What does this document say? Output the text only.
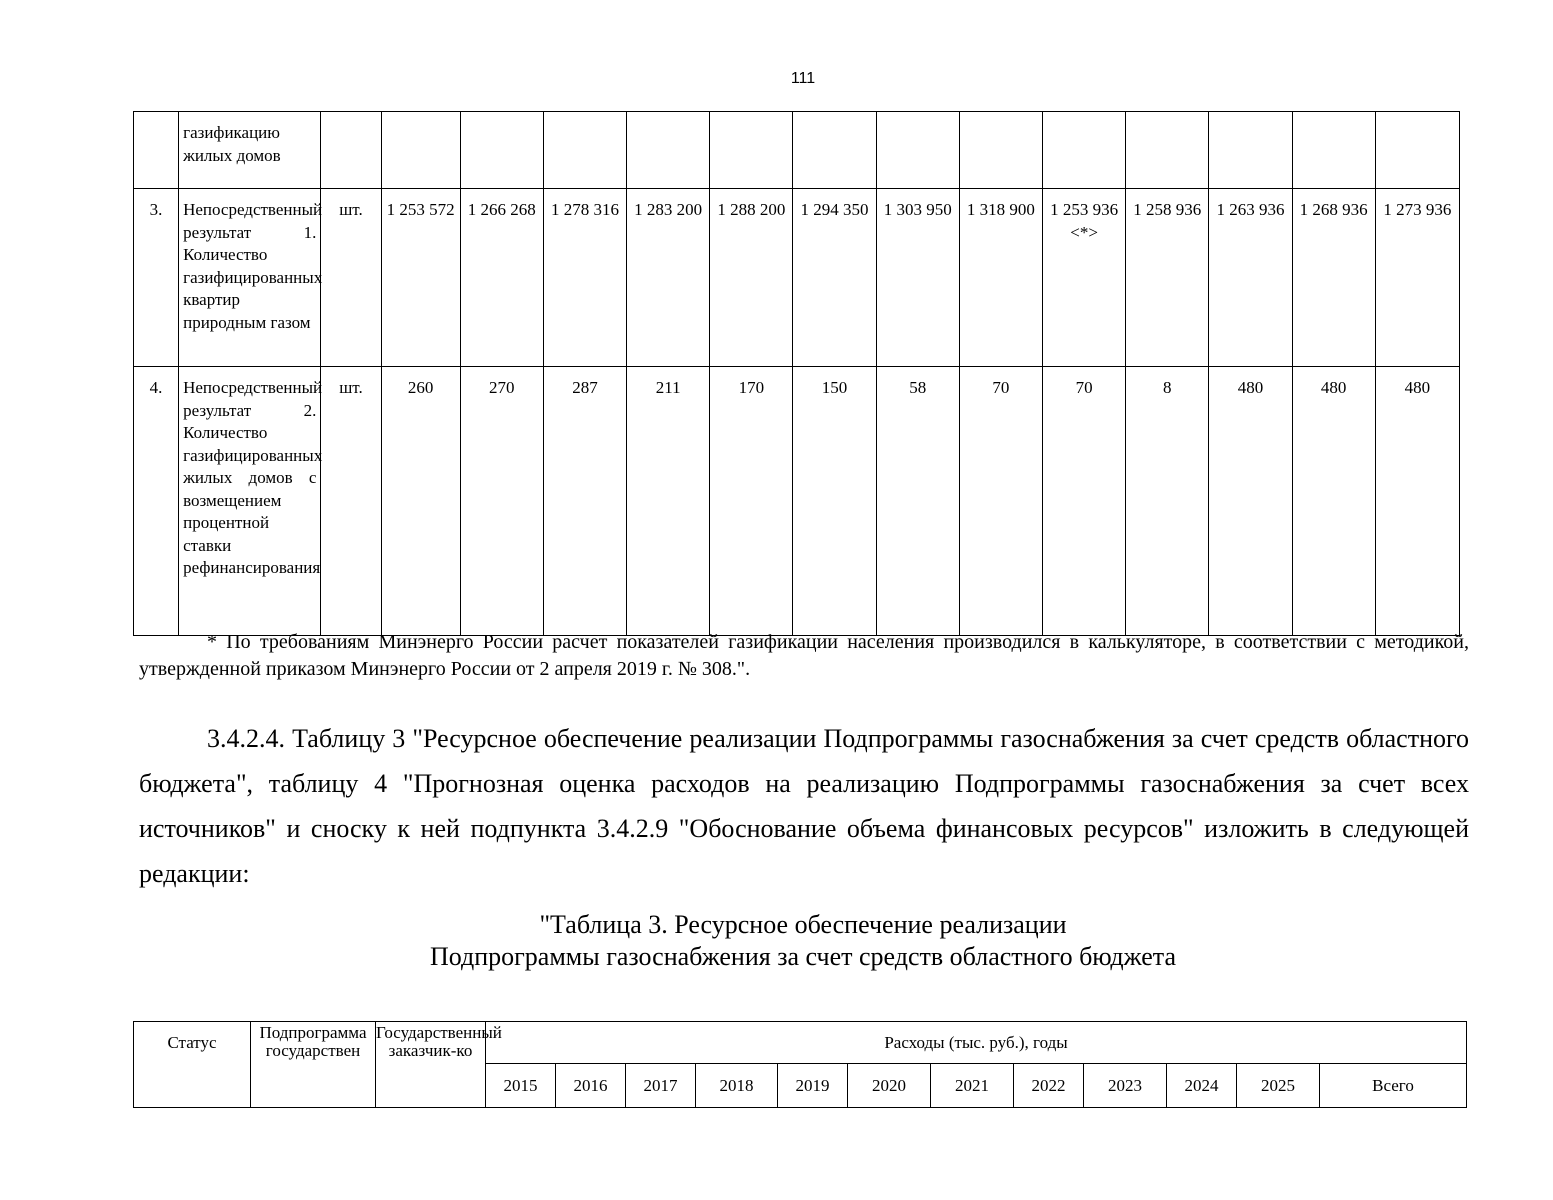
111
	газификацию жилых домов														
3.	Непосредственный результат 1. Количество газифицированных квартир природным газом	шт.	1 253 572	1 266 268	1 278 316	1 283 200	1 288 200	1 294 350	1 303 950	1 318 900	1 253 936 <*>	1 258 936	1 263 936	1 268 936	1 273 936
4.	Непосредственный результат 2. Количество газифицированных жилых домов с возмещением процентной ставки рефинансирования	шт.	260	270	287	211	170	150	58	70	70	8	480	480	480
* По требованиям Минэнерго России расчет показателей газификации населения производился в калькуляторе, в соответствии с методикой, утвержденной приказом Минэнерго России от 2 апреля 2019 г. № 308.".
3.4.2.4. Таблицу 3 "Ресурсное обеспечение реализации Подпрограммы газоснабжения за счет средств областного бюджета", таблицу 4 "Прогнозная оценка расходов на реализацию Подпрограммы газоснабжения за счет всех источников" и сноску к ней подпункта 3.4.2.9 "Обоснование объема финансовых ресурсов" изложить в следующей редакции:
"Таблица 3. Ресурсное обеспечение реализации
Подпрограммы газоснабжения за счет средств областного бюджета
Статус	Подпрограмма государствен	Государственный заказчик-ко	Расходы (тыс. руб.), годы											
			2015	2016	2017	2018	2019	2020	2021	2022	2023	2024	2025	Всего
